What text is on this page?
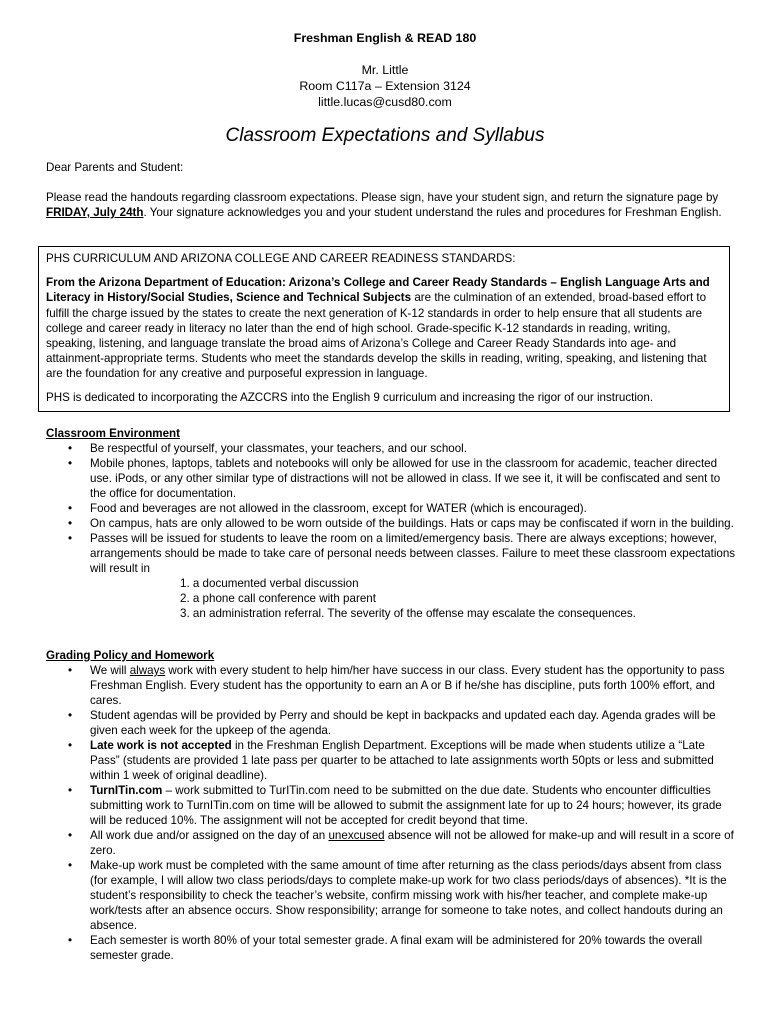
Freshman English & READ 180
Mr. Little
Room C117a – Extension 3124
little.lucas@cusd80.com
Classroom Expectations and Syllabus
Dear Parents and Student:
Please read the handouts regarding classroom expectations. Please sign, have your student sign, and return the signature page by FRIDAY, July 24th. Your signature acknowledges you and your student understand the rules and procedures for Freshman English.

PHS CURRICULUM AND ARIZONA COLLEGE AND CAREER READINESS STANDARDS:

From the Arizona Department of Education: Arizona’s College and Career Ready Standards – English Language Arts and Literacy in History/Social Studies, Science and Technical Subjects are the culmination of an extended, broad-based effort to fulfill the charge issued by the states to create the next generation of K-12 standards in order to help ensure that all students are college and career ready in literacy no later than the end of high school. Grade-specific K-12 standards in reading, writing, speaking, listening, and language translate the broad aims of Arizona’s College and Career Ready Standards into age- and attainment-appropriate terms. Students who meet the standards develop the skills in reading, writing, speaking, and listening that are the foundation for any creative and purposeful expression in language.

PHS is dedicated to incorporating the AZCCRS into the English 9 curriculum and increasing the rigor of our instruction.

Classroom Environment
• Be respectful of yourself, your classmates, your teachers, and our school.
• Mobile phones, laptops, tablets and notebooks will only be allowed for use in the classroom for academic, teacher directed use. iPods, or any other similar type of distractions will not be allowed in class. If we see it, it will be confiscated and sent to the office for documentation.
• Food and beverages are not allowed in the classroom, except for WATER (which is encouraged).
• On campus, hats are only allowed to be worn outside of the buildings. Hats or caps may be confiscated if worn in the building.
• Passes will be issued for students to leave the room on a limited/emergency basis. There are always exceptions; however, arrangements should be made to take care of personal needs between classes. Failure to meet these classroom expectations will result in
1. a documented verbal discussion
2. a phone call conference with parent
3. an administration referral. The severity of the offense may escalate the consequences.
Grading Policy and Homework
• We will always work with every student to help him/her have success in our class. Every student has the opportunity to pass Freshman English. Every student has the opportunity to earn an A or B if he/she has discipline, puts forth 100% effort, and cares.
• Student agendas will be provided by Perry and should be kept in backpacks and updated each day. Agenda grades will be given each week for the upkeep of the agenda.
• Late work is not accepted in the Freshman English Department. Exceptions will be made when students utilize a “Late Pass” (students are provided 1 late pass per quarter to be attached to late assignments worth 50pts or less and submitted within 1 week of original deadline).
• TurnITin.com – work submitted to TurITin.com need to be submitted on the due date. Students who encounter difficulties submitting work to TurnITin.com on time will be allowed to submit the assignment late for up to 24 hours; however, its grade will be reduced 10%. The assignment will not be accepted for credit beyond that time.
• All work due and/or assigned on the day of an unexcused absence will not be allowed for make-up and will result in a score of zero.
• Make-up work must be completed with the same amount of time after returning as the class periods/days absent from class (for example, I will allow two class periods/days to complete make-up work for two class periods/days of absences). *It is the student’s responsibility to check the teacher’s website, confirm missing work with his/her teacher, and complete make-up work/tests after an absence occurs. Show responsibility; arrange for someone to take notes, and collect handouts during an absence.
• Each semester is worth 80% of your total semester grade. A final exam will be administered for 20% towards the overall semester grade.
